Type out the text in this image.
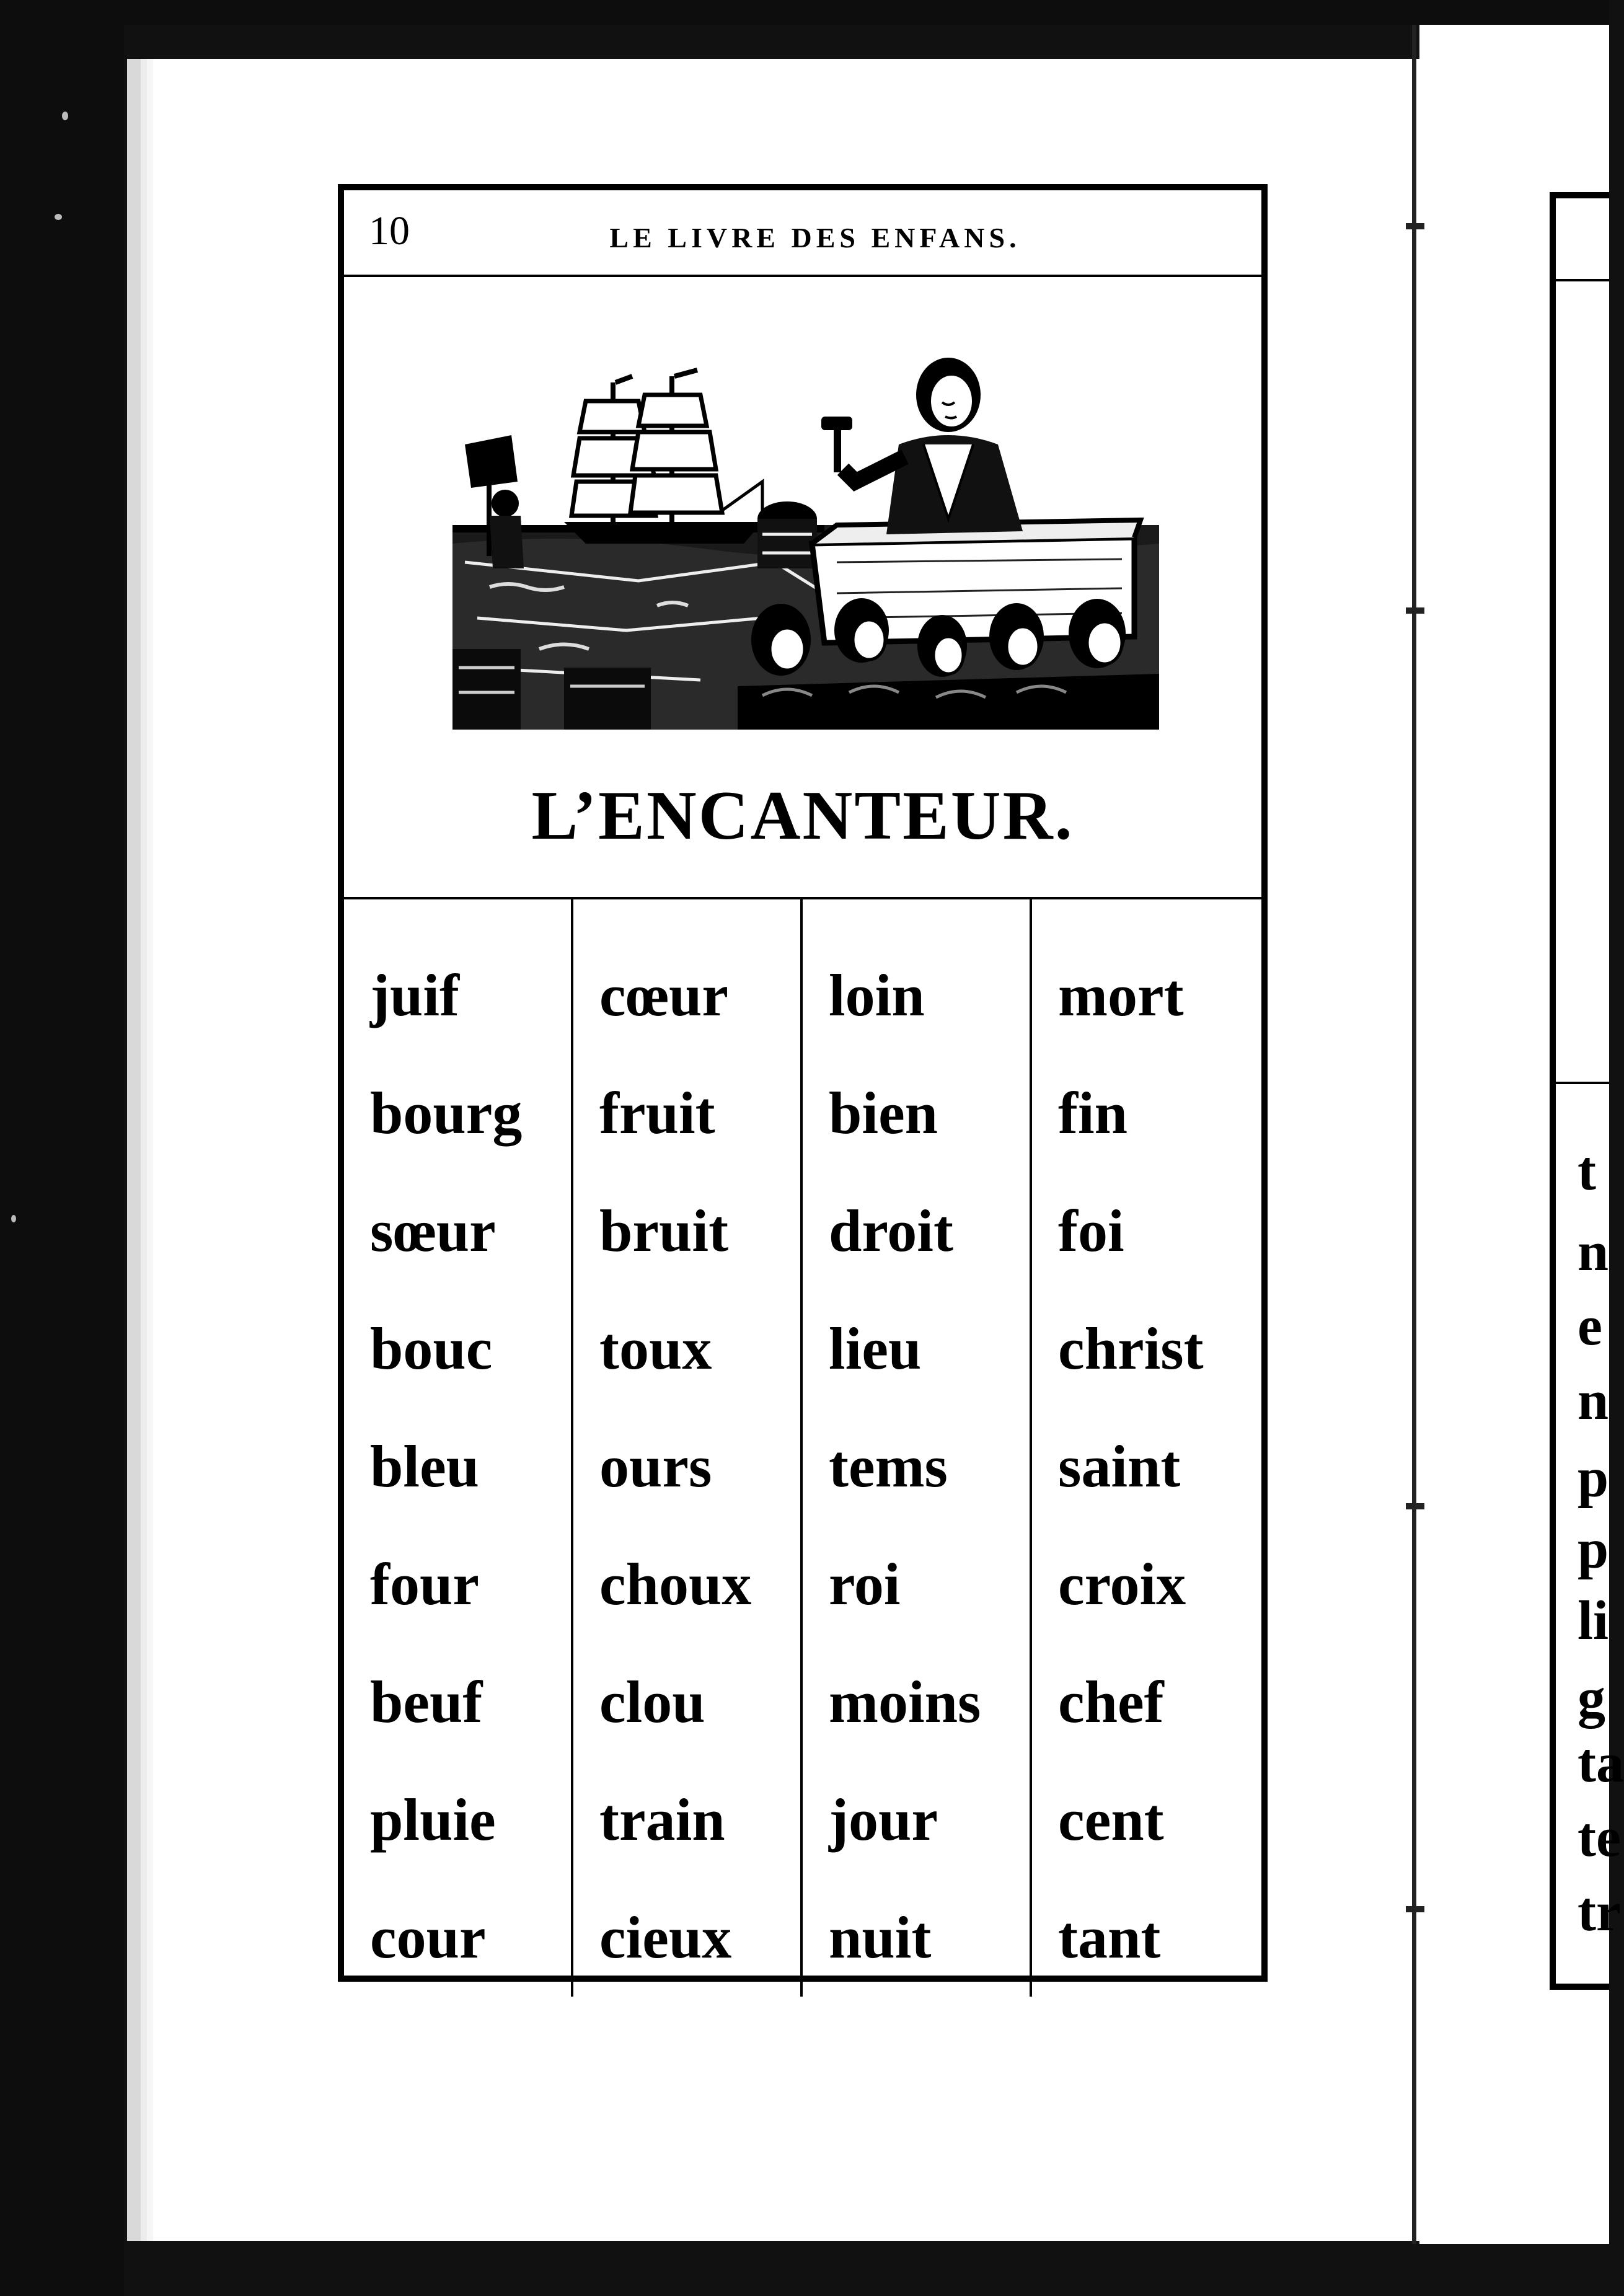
10	LE LIVRE DES ENFANS.
L’ENCANTEUR.
juif
bourg
sœur
bouc
bleu
four
beuf
pluie
cour
cœur
fruit
bruit
toux
ours
choux
clou
train
cieux
loin
bien
droit
lieu
tems
roi
moins
jour
nuit
mort
fin
foi
christ
saint
croix
chef
cent
tant
t
n
e
n
p
p
li
g
ta
te
tr
